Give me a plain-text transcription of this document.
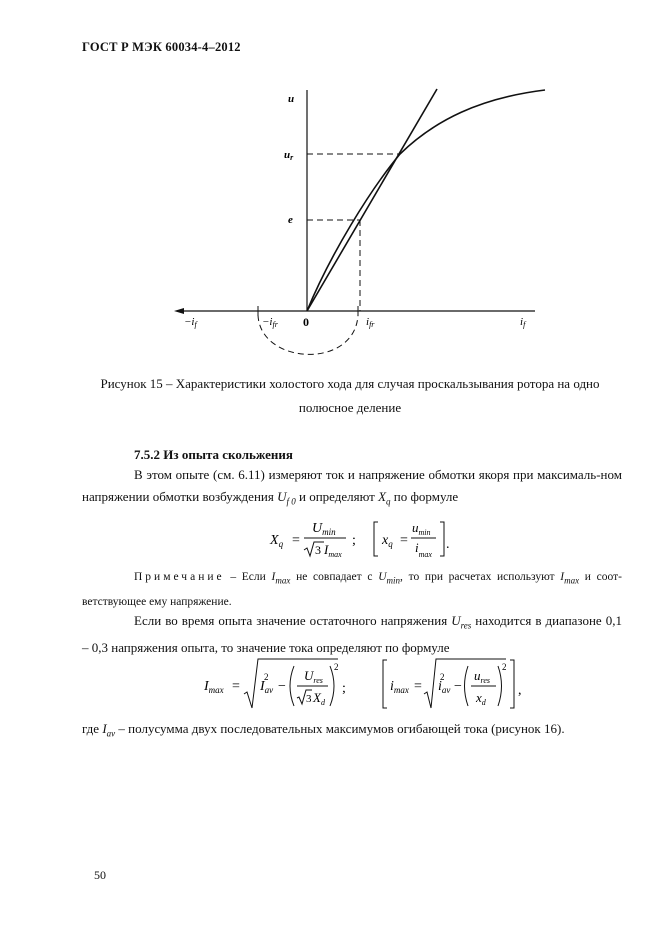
ГОСТ Р МЭК 60034-4–2012
u
ur
e
−if	−ifr 0	ifr	if
Рисунок 15 – Характеристики холостого хода для случая проскальзывания ротора на одно
полюсное деление
7.5.2 Из опыта скольжения
В этом опыте (см. 6.11) измеряют ток и напряжение обмотки якоря при максималь-ном напряжении обмотки возбуждения $U_{f 0}$ и определяют $X_q$ по формуле
$X_q$ =
$U_{min}$
3 $I_{max}$
; $x_q$ =
$u_{min}$
$i_{max}$
.
Примечание – Если $I_{max}$ не совпадает с $U_{min}$, то при расчетах используют $I_{max}$ и соот-ветствующее ему напряжение.
Если во время опыта значение остаточного напряжения $U_{res}$ находится в диапазоне 0,1 – 0,3 напряжения опыта, то значение тока определяют по формуле
$I_{max} = I_{av}$
2
−
$U_{res}$
3 $X_d$
2
;	$i_{max} = i_{av}$
2
−
$u_{res}$
$x_d$
2
,
где $I_{av}$ – полусумма двух последовательных максимумов огибающей тока (рисунок 16).
50
